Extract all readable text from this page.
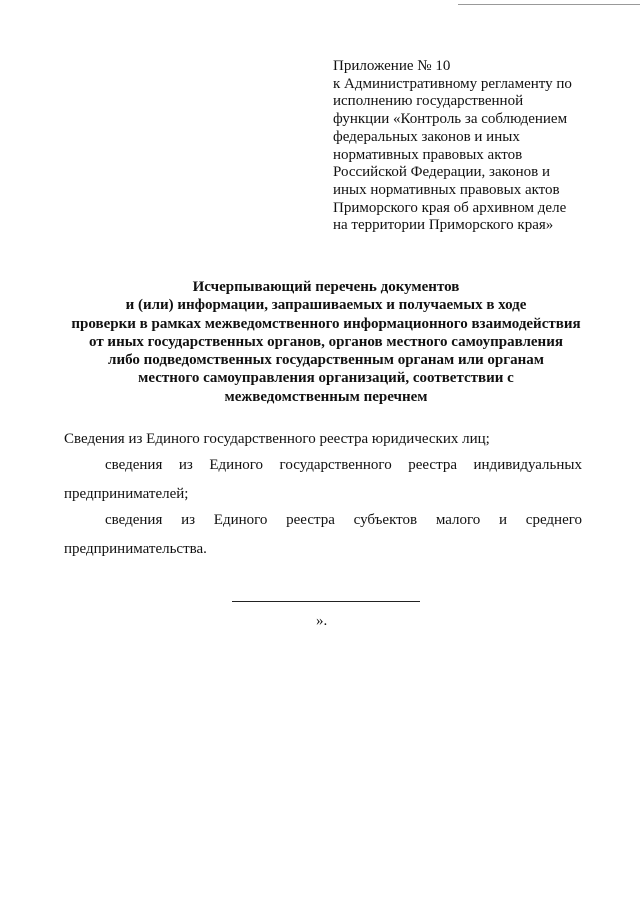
Приложение № 10
к Административному регламенту по
исполнению государственной
функции «Контроль за соблюдением
федеральных законов и иных
нормативных правовых актов
Российской Федерации, законов и
иных нормативных правовых актов
Приморского края об архивном деле
на территории Приморского края»
Исчерпывающий перечень документов
и (или) информации, запрашиваемых и получаемых в ходе
проверки в рамках межведомственного информационного взаимодействия
от иных государственных органов, органов местного самоуправления
либо подведомственных государственным органам или органам
местного самоуправления организаций, соответствии с
межведомственным перечнем
Сведения из Единого государственного реестра юридических лиц;
сведения из Единого государственного реестра индивидуальных
предпринимателей;
сведения из Единого реестра субъектов малого и среднего
предпринимательства.
».
